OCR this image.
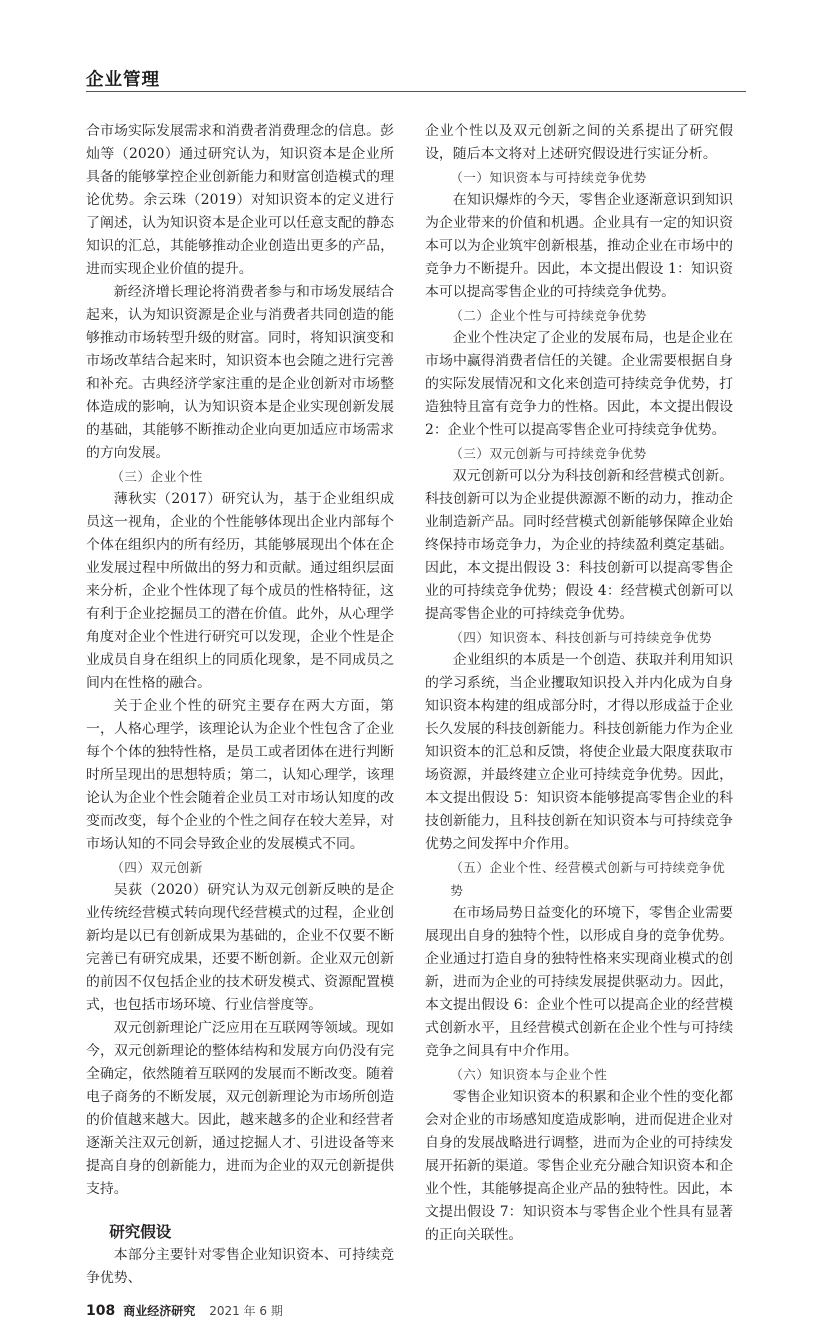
企业管理

合市场实际发展需求和消费者消费理念的信息。彭灿等（2020）通过研究认为，知识资本是企业所具备的能够掌控企业创新能力和财富创造模式的理论优势。余云珠（2019）对知识资本的定义进行了阐述，认为知识资本是企业可以任意支配的静态知识的汇总，其能够推动企业创造出更多的产品，进而实现企业价值的提升。

新经济增长理论将消费者参与和市场发展结合起来，认为知识资源是企业与消费者共同创造的能够推动市场转型升级的财富。同时，将知识演变和市场改革结合起来时，知识资本也会随之进行完善和补充。古典经济学家注重的是企业创新对市场整体造成的影响，认为知识资本是企业实现创新发展的基础，其能够不断推动企业向更加适应市场需求的方向发展。

（三）企业个性

薄秋实（2017）研究认为，基于企业组织成员这一视角，企业的个性能够体现出企业内部每个个体在组织内的所有经历，其能够展现出个体在企业发展过程中所做出的努力和贡献。通过组织层面来分析，企业个性体现了每个成员的性格特征，这有利于企业挖掘员工的潜在价值。此外，从心理学角度对企业个性进行研究可以发现，企业个性是企业成员自身在组织上的同质化现象，是不同成员之间内在性格的融合。

关于企业个性的研究主要存在两大方面，第一，人格心理学，该理论认为企业个性包含了企业每个个体的独特性格，是员工或者团体在进行判断时所呈现出的思想特质；第二，认知心理学，该理论认为企业个性会随着企业员工对市场认知度的改变而改变，每个企业的个性之间存在较大差异，对市场认知的不同会导致企业的发展模式不同。

（四）双元创新

吴荻（2020）研究认为双元创新反映的是企业传统经营模式转向现代经营模式的过程，企业创新均是以已有创新成果为基础的，企业不仅要不断完善已有研究成果，还要不断创新。企业双元创新的前因不仅包括企业的技术研发模式、资源配置模式，也包括市场环境、行业信誉度等。

双元创新理论广泛应用在互联网等领域。现如今，双元创新理论的整体结构和发展方向仍没有完全确定，依然随着互联网的发展而不断改变。随着电子商务的不断发展，双元创新理论为市场所创造的价值越来越大。因此，越来越多的企业和经营者逐渐关注双元创新，通过挖掘人才、引进设备等来提高自身的创新能力，进而为企业的双元创新提供支持。

研究假设

本部分主要针对零售企业知识资本、可持续竞争优势、

企业个性以及双元创新之间的关系提出了研究假设，随后本文将对上述研究假设进行实证分析。

（一）知识资本与可持续竞争优势

在知识爆炸的今天，零售企业逐渐意识到知识为企业带来的价值和机遇。企业具有一定的知识资本可以为企业筑牢创新根基，推动企业在市场中的竞争力不断提升。因此，本文提出假设 1：知识资本可以提高零售企业的可持续竞争优势。

（二）企业个性与可持续竞争优势

企业个性决定了企业的发展布局，也是企业在市场中赢得消费者信任的关键。企业需要根据自身的实际发展情况和文化来创造可持续竞争优势，打造独特且富有竞争力的性格。因此，本文提出假设 2：企业个性可以提高零售企业可持续竞争优势。

（三）双元创新与可持续竞争优势

双元创新可以分为科技创新和经营模式创新。科技创新可以为企业提供源源不断的动力，推动企业制造新产品。同时经营模式创新能够保障企业始终保持市场竞争力，为企业的持续盈利奠定基础。因此，本文提出假设 3：科技创新可以提高零售企业的可持续竞争优势；假设 4：经营模式创新可以提高零售企业的可持续竞争优势。

（四）知识资本、科技创新与可持续竞争优势

企业组织的本质是一个创造、获取并利用知识的学习系统，当企业攫取知识投入并内化成为自身知识资本构建的组成部分时，才得以形成益于企业长久发展的科技创新能力。科技创新能力作为企业知识资本的汇总和反馈，将使企业最大限度获取市场资源，并最终建立企业可持续竞争优势。因此，本文提出假设 5：知识资本能够提高零售企业的科技创新能力，且科技创新在知识资本与可持续竞争优势之间发挥中介作用。

（五）企业个性、经营模式创新与可持续竞争优势

在市场局势日益变化的环境下，零售企业需要展现出自身的独特个性，以形成自身的竞争优势。企业通过打造自身的独特性格来实现商业模式的创新，进而为企业的可持续发展提供驱动力。因此，本文提出假设 6：企业个性可以提高企业的经营模式创新水平，且经营模式创新在企业个性与可持续竞争之间具有中介作用。

（六）知识资本与企业个性

零售企业知识资本的积累和企业个性的变化都会对企业的市场感知度造成影响，进而促进企业对自身的发展战略进行调整，进而为企业的可持续发展开拓新的渠道。零售企业充分融合知识资本和企业个性，其能够提高企业产品的独特性。因此，本文提出假设 7：知识资本与零售企业个性具有显著的正向关联性。

108 商业经济研究 2021 年 6 期
